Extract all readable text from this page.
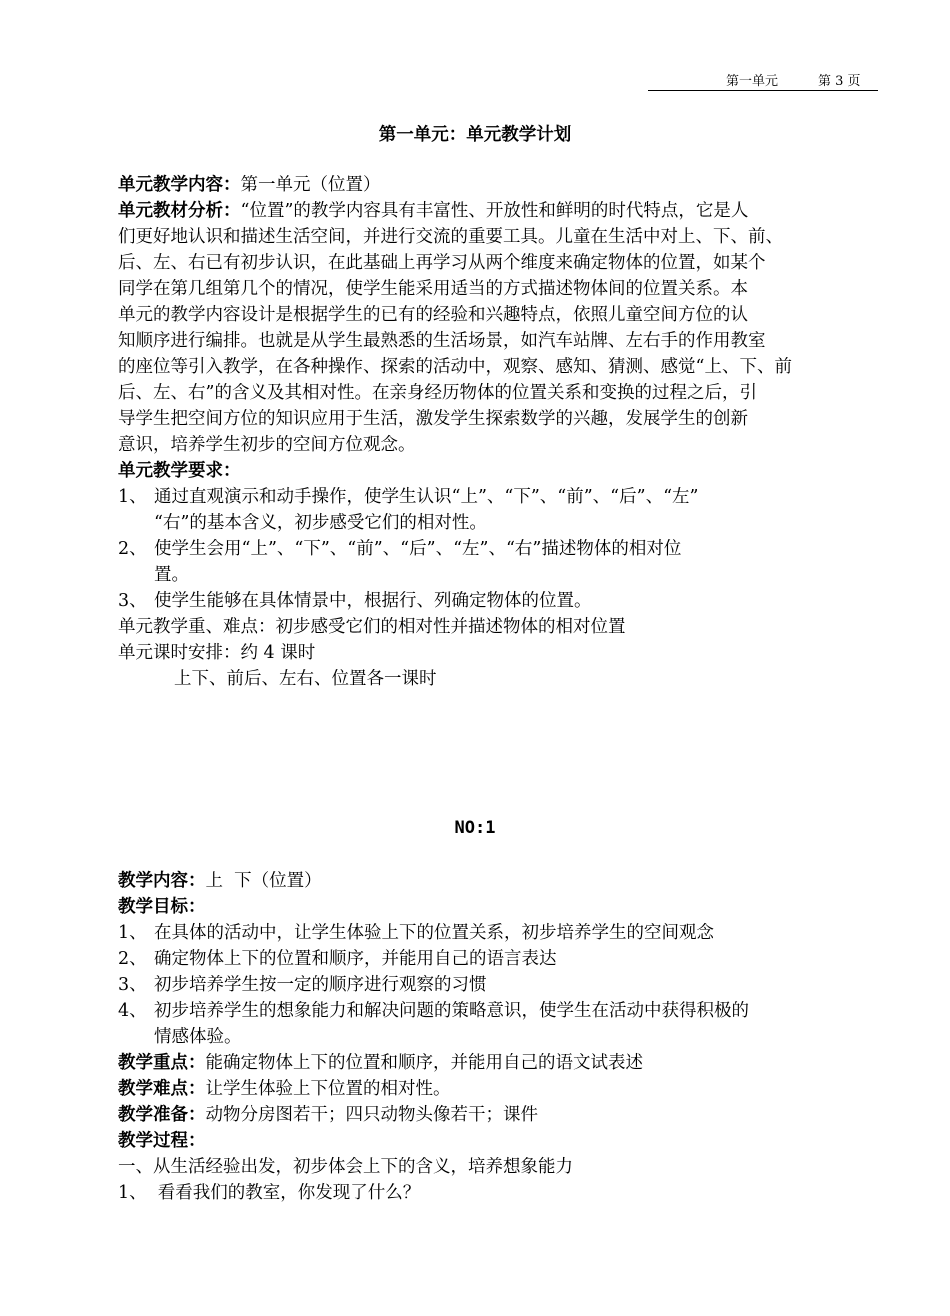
第一单元	第 3 页
第一单元：单元教学计划

单元教学内容：第一单元（位置）

单元教材分析：“位置”的教学内容具有丰富性、开放性和鲜明的时代特点，它是人
们更好地认识和描述生活空间，并进行交流的重要工具。儿童在生活中对上、下、前、
后、左、右已有初步认识，在此基础上再学习从两个维度来确定物体的位置，如某个
同学在第几组第几个的情况，使学生能采用适当的方式描述物体间的位置关系。本
单元的教学内容设计是根据学生的已有的经验和兴趣特点，依照儿童空间方位的认
知顺序进行编排。也就是从学生最熟悉的生活场景，如汽车站牌、左右手的作用教室
的座位等引入教学，在各种操作、探索的活动中，观察、感知、猜测、感觉“上、下、前
后、左、右”的含义及其相对性。在亲身经历物体的位置关系和变换的过程之后，引
导学生把空间方位的知识应用于生活，激发学生探索数学的兴趣，发展学生的创新
意识，培养学生初步的空间方位观念。
单元教学要求：
1、 通过直观演示和动手操作，使学生认识“上”、“下”、“前”、“后”、“左”
“右”的基本含义，初步感受它们的相对性。
2、 使学生会用“上”、“下”、“前”、“后”、“左”、“右”描述物体的相对位
置。
3、 使学生能够在具体情景中，根据行、列确定物体的位置。
单元教学重、难点：初步感受它们的相对性并描述物体的相对位置
单元课时安排：约 4 课时
上下、前后、左右、位置各一课时
NO:1
教学内容：上  下（位置）
教学目标：
1、 在具体的活动中，让学生体验上下的位置关系，初步培养学生的空间观念
2、 确定物体上下的位置和顺序，并能用自己的语言表达
3、 初步培养学生按一定的顺序进行观察的习惯
4、 初步培养学生的想象能力和解决问题的策略意识，使学生在活动中获得积极的
情感体验。
教学重点：能确定物体上下的位置和顺序，并能用自己的语文试表述
教学难点：让学生体验上下位置的相对性。
教学准备：动物分房图若干；四只动物头像若干；课件
教学过程：
一、从生活经验出发，初步体会上下的含义，培养想象能力
1、  看看我们的教室，你发现了什么？
